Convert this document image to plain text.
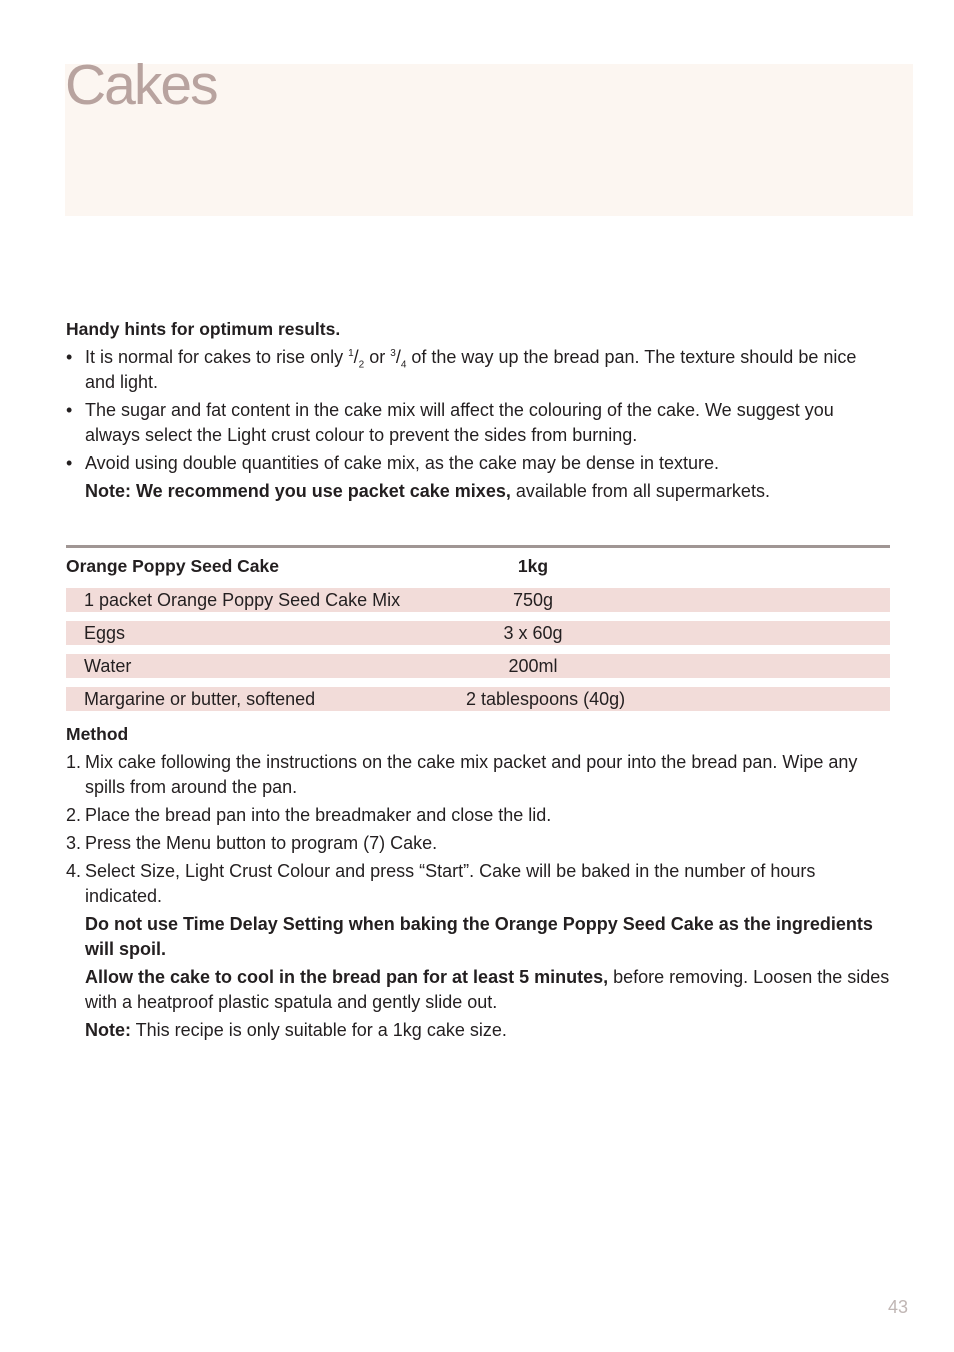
Cakes
Handy hints for optimum results.
• It is normal for cakes to rise only $^1/_2$ or $^3/_4$ of the way up the bread pan. The texture should be nice and light.
• The sugar and fat content in the cake mix will affect the colouring of the cake. We suggest you always select the Light crust colour to prevent the sides from burning.
• Avoid using double quantities of cake mix, as the cake may be dense in texture.
Note: We recommend you use packet cake mixes, available from all supermarkets.
Orange Poppy Seed Cake	1kg
1 packet Orange Poppy Seed Cake Mix	750g
Eggs	3 x 60g
Water	200ml
Margarine or butter, softened	2 tablespoons (40g)
Method
1. Mix cake following the instructions on the cake mix packet and pour into the bread pan. Wipe any spills from around the pan.
2. Place the bread pan into the breadmaker and close the lid.
3. Press the Menu button to program (7) Cake.
4. Select Size, Light Crust Colour and press “Start”. Cake will be baked in the number of hours indicated.
Do not use Time Delay Setting when baking the Orange Poppy Seed Cake as the ingredients will spoil.
Allow the cake to cool in the bread pan for at least 5 minutes, before removing. Loosen the sides with a heatproof plastic spatula and gently slide out.
Note: This recipe is only suitable for a 1kg cake size.
43
